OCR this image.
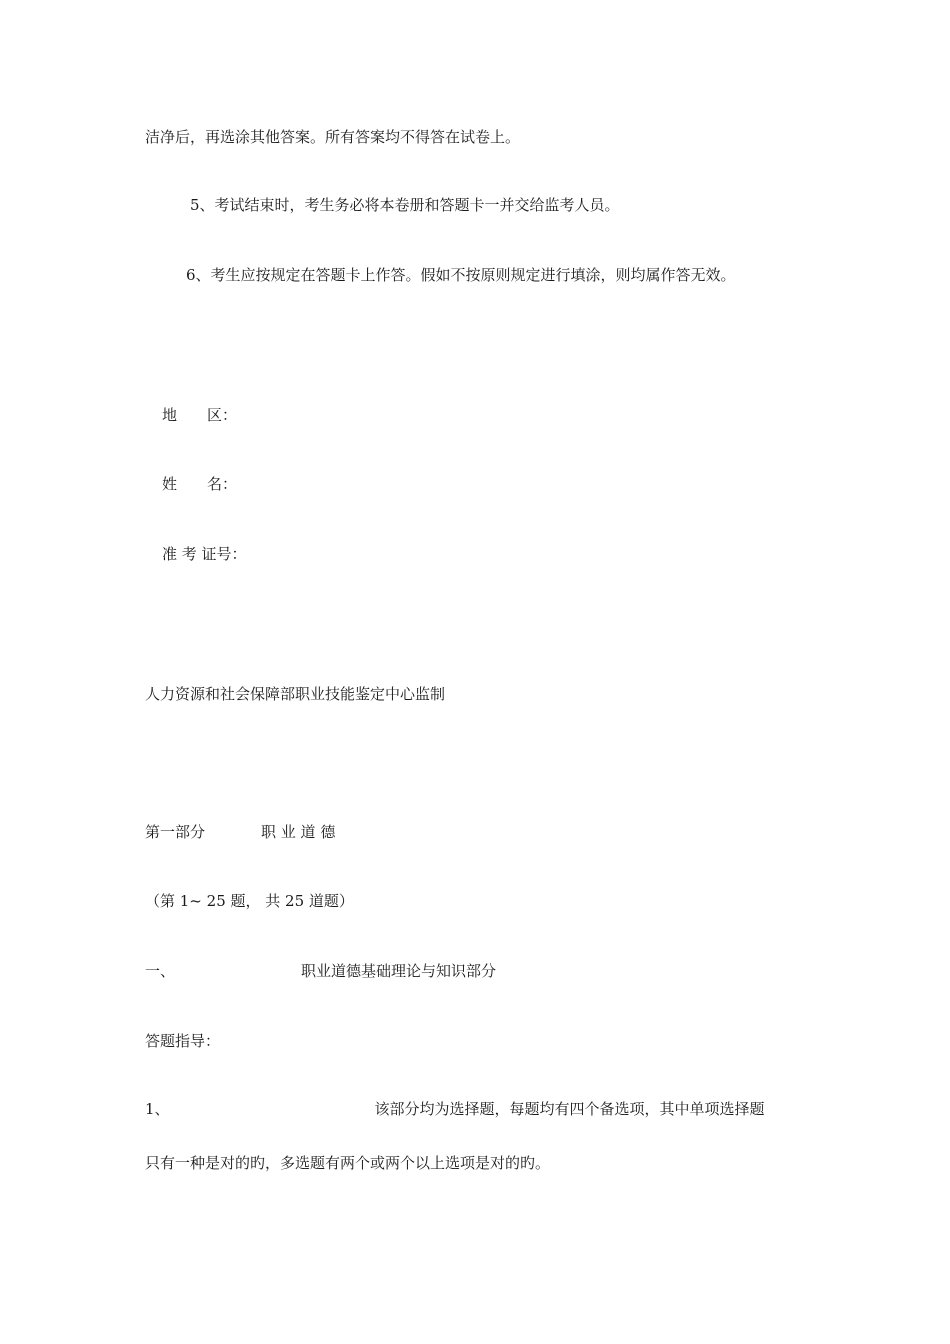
洁净后，再选涂其他答案。所有答案均不得答在试卷上。
5、考试结束时，考生务必将本卷册和答题卡一并交给监考人员。
6、考生应按规定在答题卡上作答。假如不按原则规定进行填涂，则均属作答无效。
地 区：
姓 名：
准 考 证号：
人力资源和社会保障部职业技能鉴定中心监制
第一部分	职 业 道 德
（第 1~ 25 题， 共 25 道题）
一、	职业道德基础理论与知识部分
答题指导：
1、	该部分均为选择题，每题均有四个备选项，其中单项选择题
只有一种是对的旳，多选题有两个或两个以上选项是对的旳。
